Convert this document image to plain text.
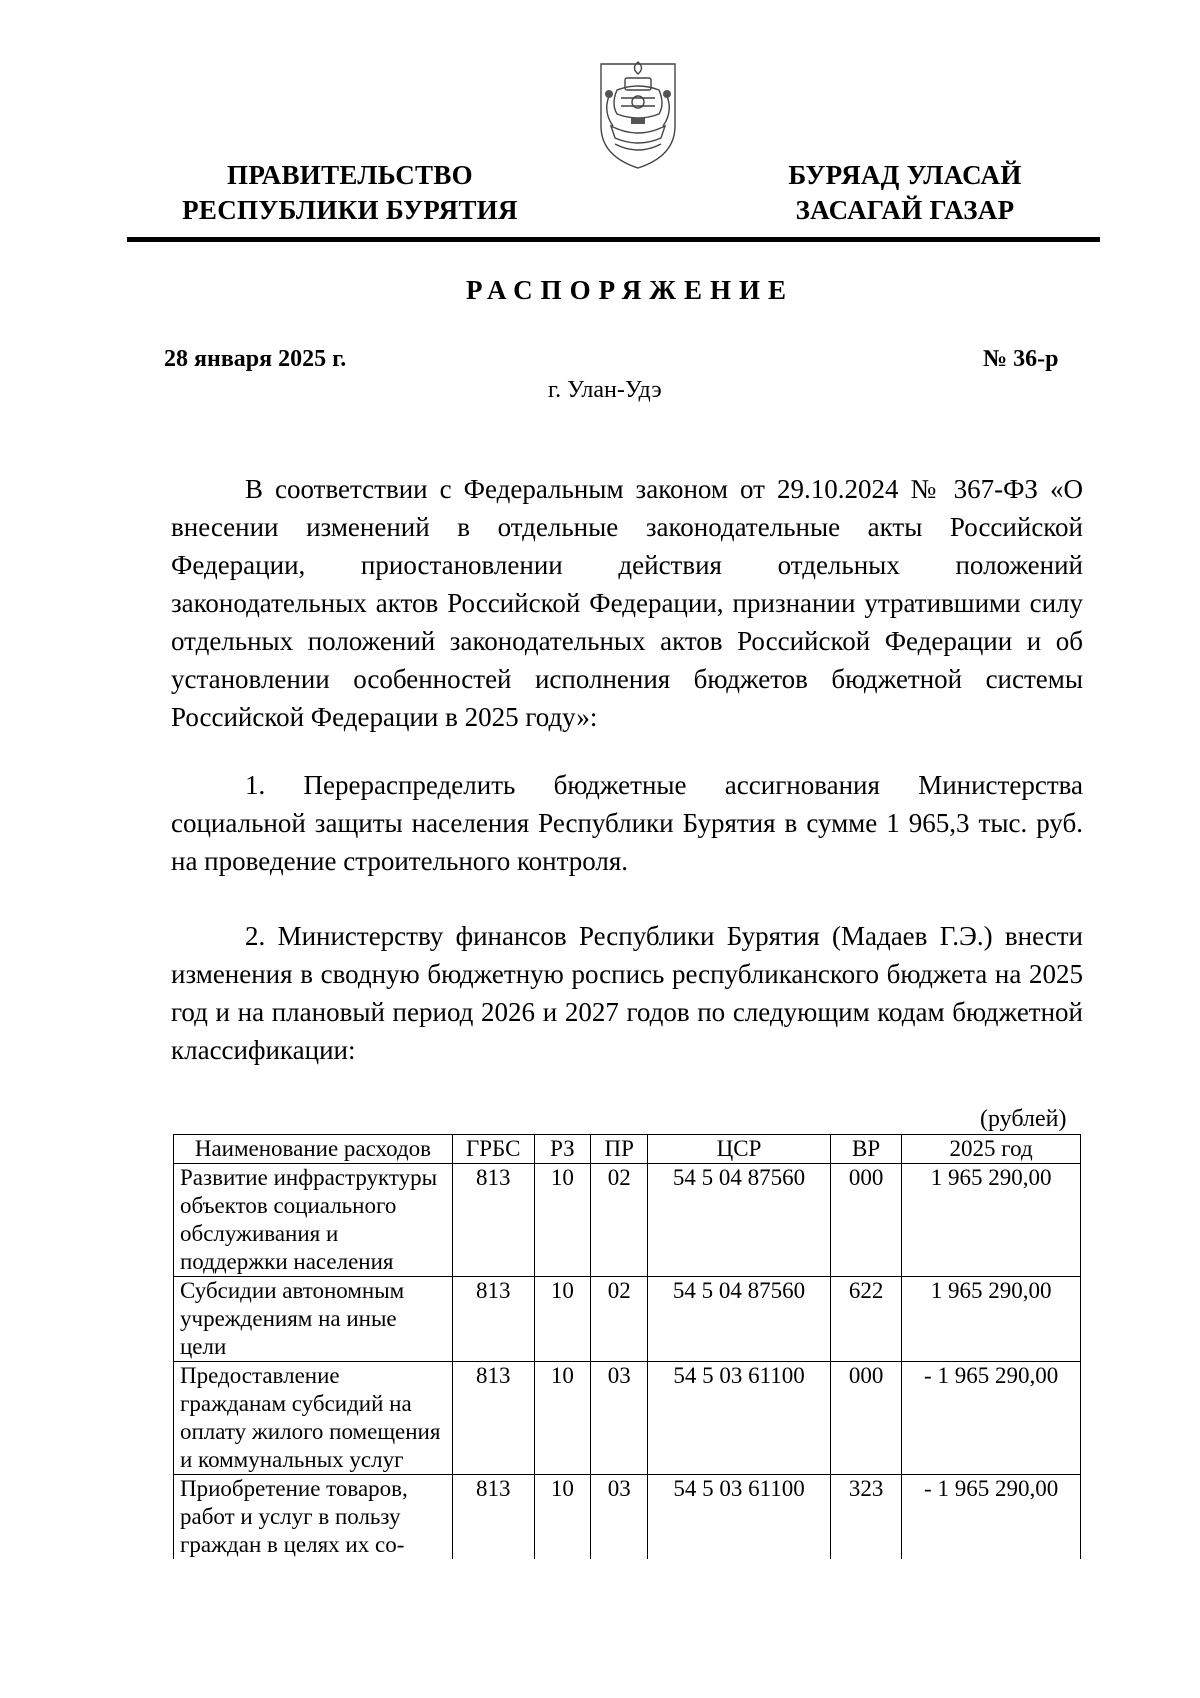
ПРАВИТЕЛЬСТВО
РЕСПУБЛИКИ БУРЯТИЯ
БУРЯАД УЛАСАЙ
ЗАСАГАЙ ГАЗАР
РАСПОРЯЖЕНИЕ
28 января 2025 г.	№ 36-р
г. Улан-Удэ

В соответствии с Федеральным законом от 29.10.2024 № 367-ФЗ «О внесении изменений в отдельные законодательные акты Российской Федерации, приостановлении действия отдельных положений законодательных актов Российской Федерации, признании утратившими силу отдельных положений законодательных актов Российской Федерации и об установлении особенностей исполнения бюджетов бюджетной системы Российской Федерации в 2025 году»:

1. Перераспределить бюджетные ассигнования Министерства социальной защиты населения Республики Бурятия в сумме 1 965,3 тыс. руб. на проведение строительного контроля.

2. Министерству финансов Республики Бурятия (Мадаев Г.Э.) внести изменения в сводную бюджетную роспись республиканского бюджета на 2025 год и на плановый период 2026 и 2027 годов по следующим кодам бюджетной классификации:

(рублей)
Наименование расходов	ГРБС	РЗ	ПР	ЦСР	ВР	2025 год
Развитие инфраструктуры объектов социального обслуживания и поддержки населения	813	10	02	54 5 04 87560	000	1 965 290,00
Субсидии автономным учреждениям на иные цели	813	10	02	54 5 04 87560	622	1 965 290,00
Предоставление гражданам субсидий на оплату жилого помещения и коммунальных услуг	813	10	03	54 5 03 61100	000	- 1 965 290,00
Приобретение товаров, работ и услуг в пользу граждан в целях их со-	813	10	03	54 5 03 61100	323	- 1 965 290,00
